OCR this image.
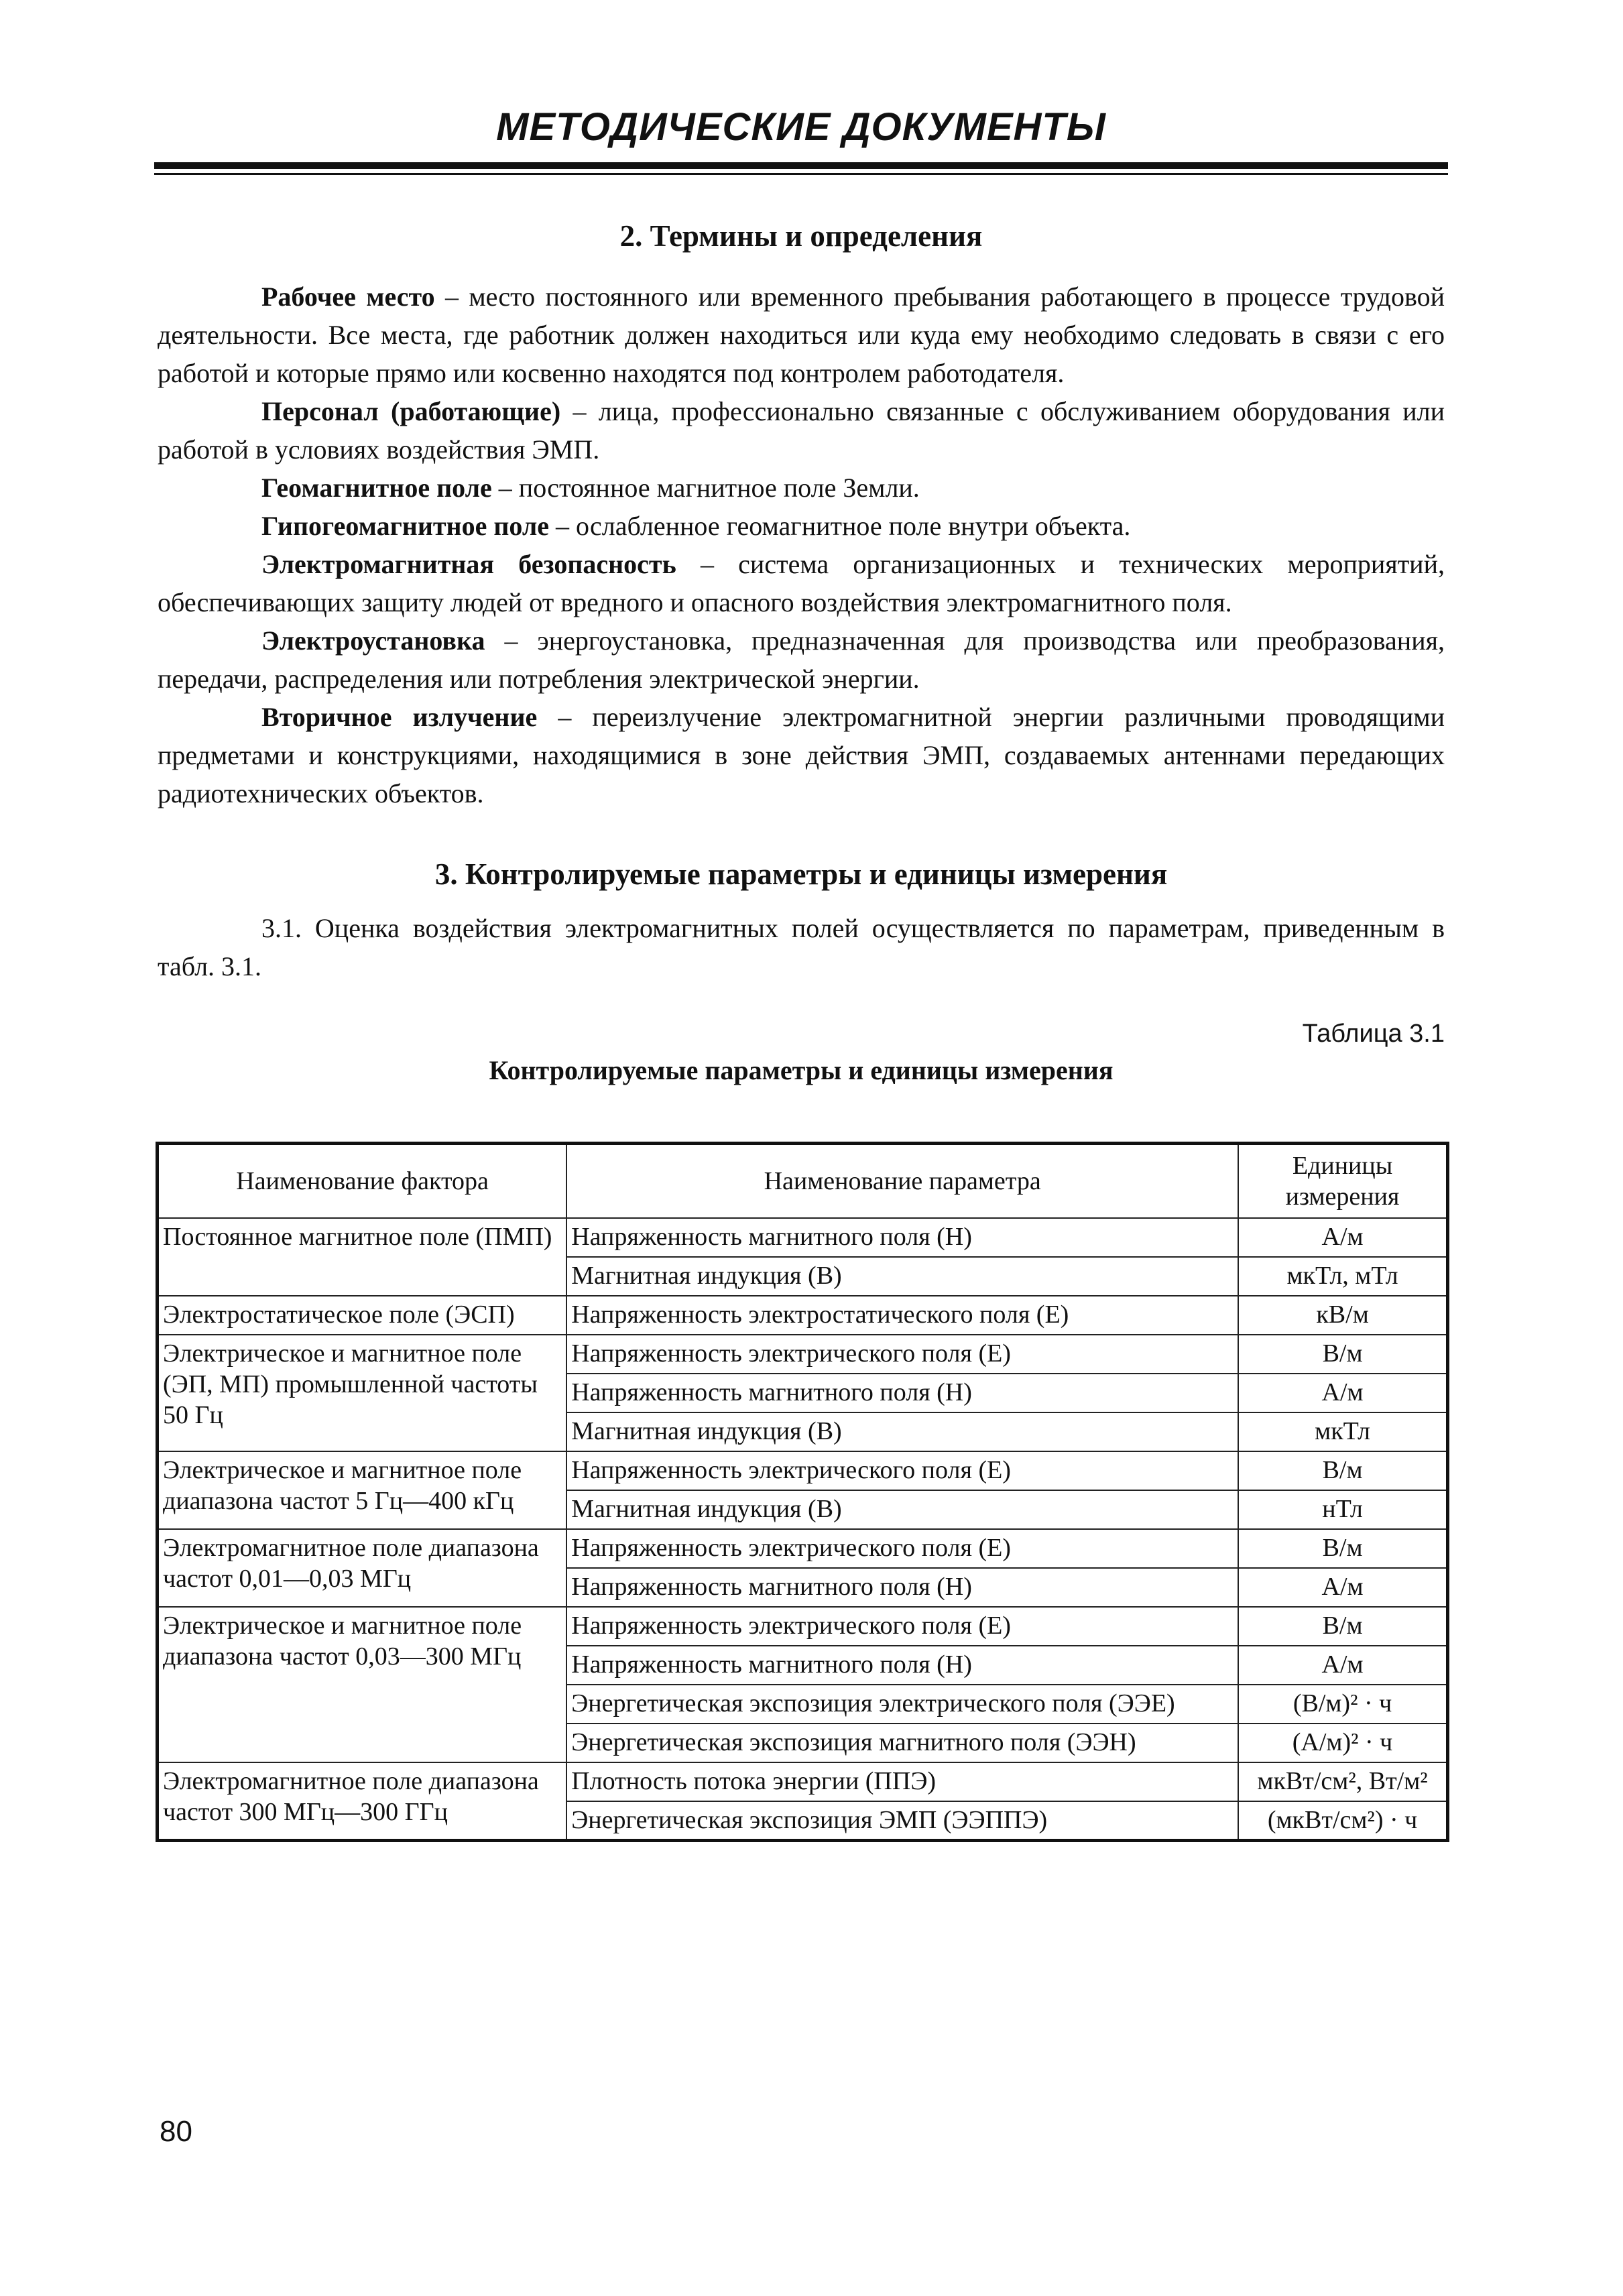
МЕТОДИЧЕСКИЕ ДОКУМЕНТЫ
2. Термины и определения

Рабочее место – место постоянного или временного пребывания работающего в процессе трудовой деятельности. Все места, где работник должен находиться или куда ему необходимо следовать в связи с его работой и которые прямо или косвенно находятся под контролем работодателя.

Персонал (работающие) – лица, профессионально связанные с обслуживанием оборудования или работой в условиях воздействия ЭМП.

Геомагнитное поле – постоянное магнитное поле Земли.

Гипогеомагнитное поле – ослабленное геомагнитное поле внутри объекта.

Электромагнитная безопасность – система организационных и технических мероприятий, обеспечивающих защиту людей от вредного и опасного воздействия электромагнитного поля.

Электроустановка – энергоустановка, предназначенная для производства или преобразования, передачи, распределения или потребления электрической энергии.

Вторичное излучение – переизлучение электромагнитной энергии различными проводящими предметами и конструкциями, находящимися в зоне действия ЭМП, создаваемых антеннами передающих радиотехнических объектов.

3. Контролируемые параметры и единицы измерения

3.1. Оценка воздействия электромагнитных полей осуществляется по параметрам, приведенным в табл. 3.1.

Таблица 3.1
Контролируемые параметры и единицы измерения
Наименование фактора	Наименование параметра	Единицы измерения
Постоянное магнитное поле (ПМП)	Напряженность магнитного поля (H)	А/м
	Магнитная индукция (B)	мкТл, мТл
Электростатическое поле (ЭСП)	Напряженность электростатического поля (E)	кВ/м
Электрическое и магнитное поле (ЭП, МП) промышленной частоты 50 Гц	Напряженность электрического поля (E)	В/м
	Напряженность магнитного поля (H)	А/м
	Магнитная индукция (B)	мкТл
Электрическое и магнитное поле диапазона частот 5 Гц—400 кГц	Напряженность электрического поля (E)	В/м
	Магнитная индукция (B)	нТл
Электромагнитное поле диапазона частот 0,01—0,03 МГц	Напряженность электрического поля (E)	В/м
	Напряженность магнитного поля (H)	А/м
Электрическое и магнитное поле диапазона частот 0,03—300 МГц	Напряженность электрического поля (E)	В/м
	Напряженность магнитного поля (H)	А/м
	Энергетическая экспозиция электрического поля (ЭЭE)	(В/м)² · ч
	Энергетическая экспозиция магнитного поля (ЭЭH)	(А/м)² · ч
Электромагнитное поле диапазона частот 300 МГц—300 ГГц	Плотность потока энергии (ППЭ)	мкВт/см², Вт/м²
	Энергетическая экспозиция ЭМП (ЭЭППЭ)	(мкВт/см²) · ч
80
